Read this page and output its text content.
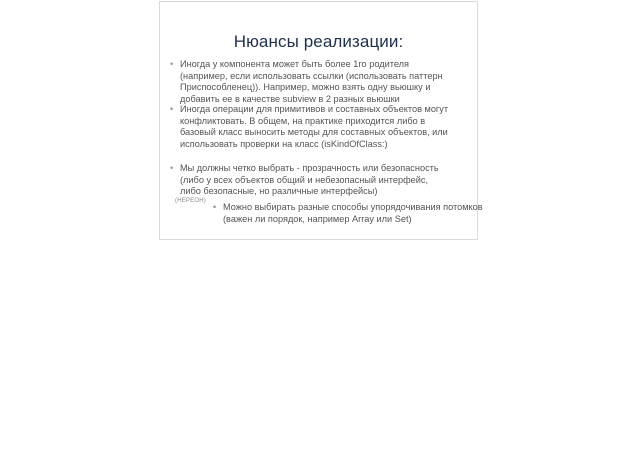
Нюансы реализации:
• Иногда у компонента может быть более 1го родителя
(например, если использовать ссылки (использовать паттерн
Приспособленец)). Например, можно взять одну вьюшку и
добавить ее в качестве subview в 2 разных вьюшки
• Иногда операции для примитивов и составных объектов могут
конфликтовать. В общем, на практике приходится либо в
базовый класс выносить методы для составных объектов, или
использовать проверки на класс (isKindOfClass:)
• Мы должны четко выбрать - прозрачность или безопасность
(либо у всех объектов общий и небезопасный интерфейс,
либо безопасные, но различные интерфейсы)
(НЕРЕОН)
• Можно выбирать разные способы упорядочивания потомков
(важен ли порядок, например Array или Set)
